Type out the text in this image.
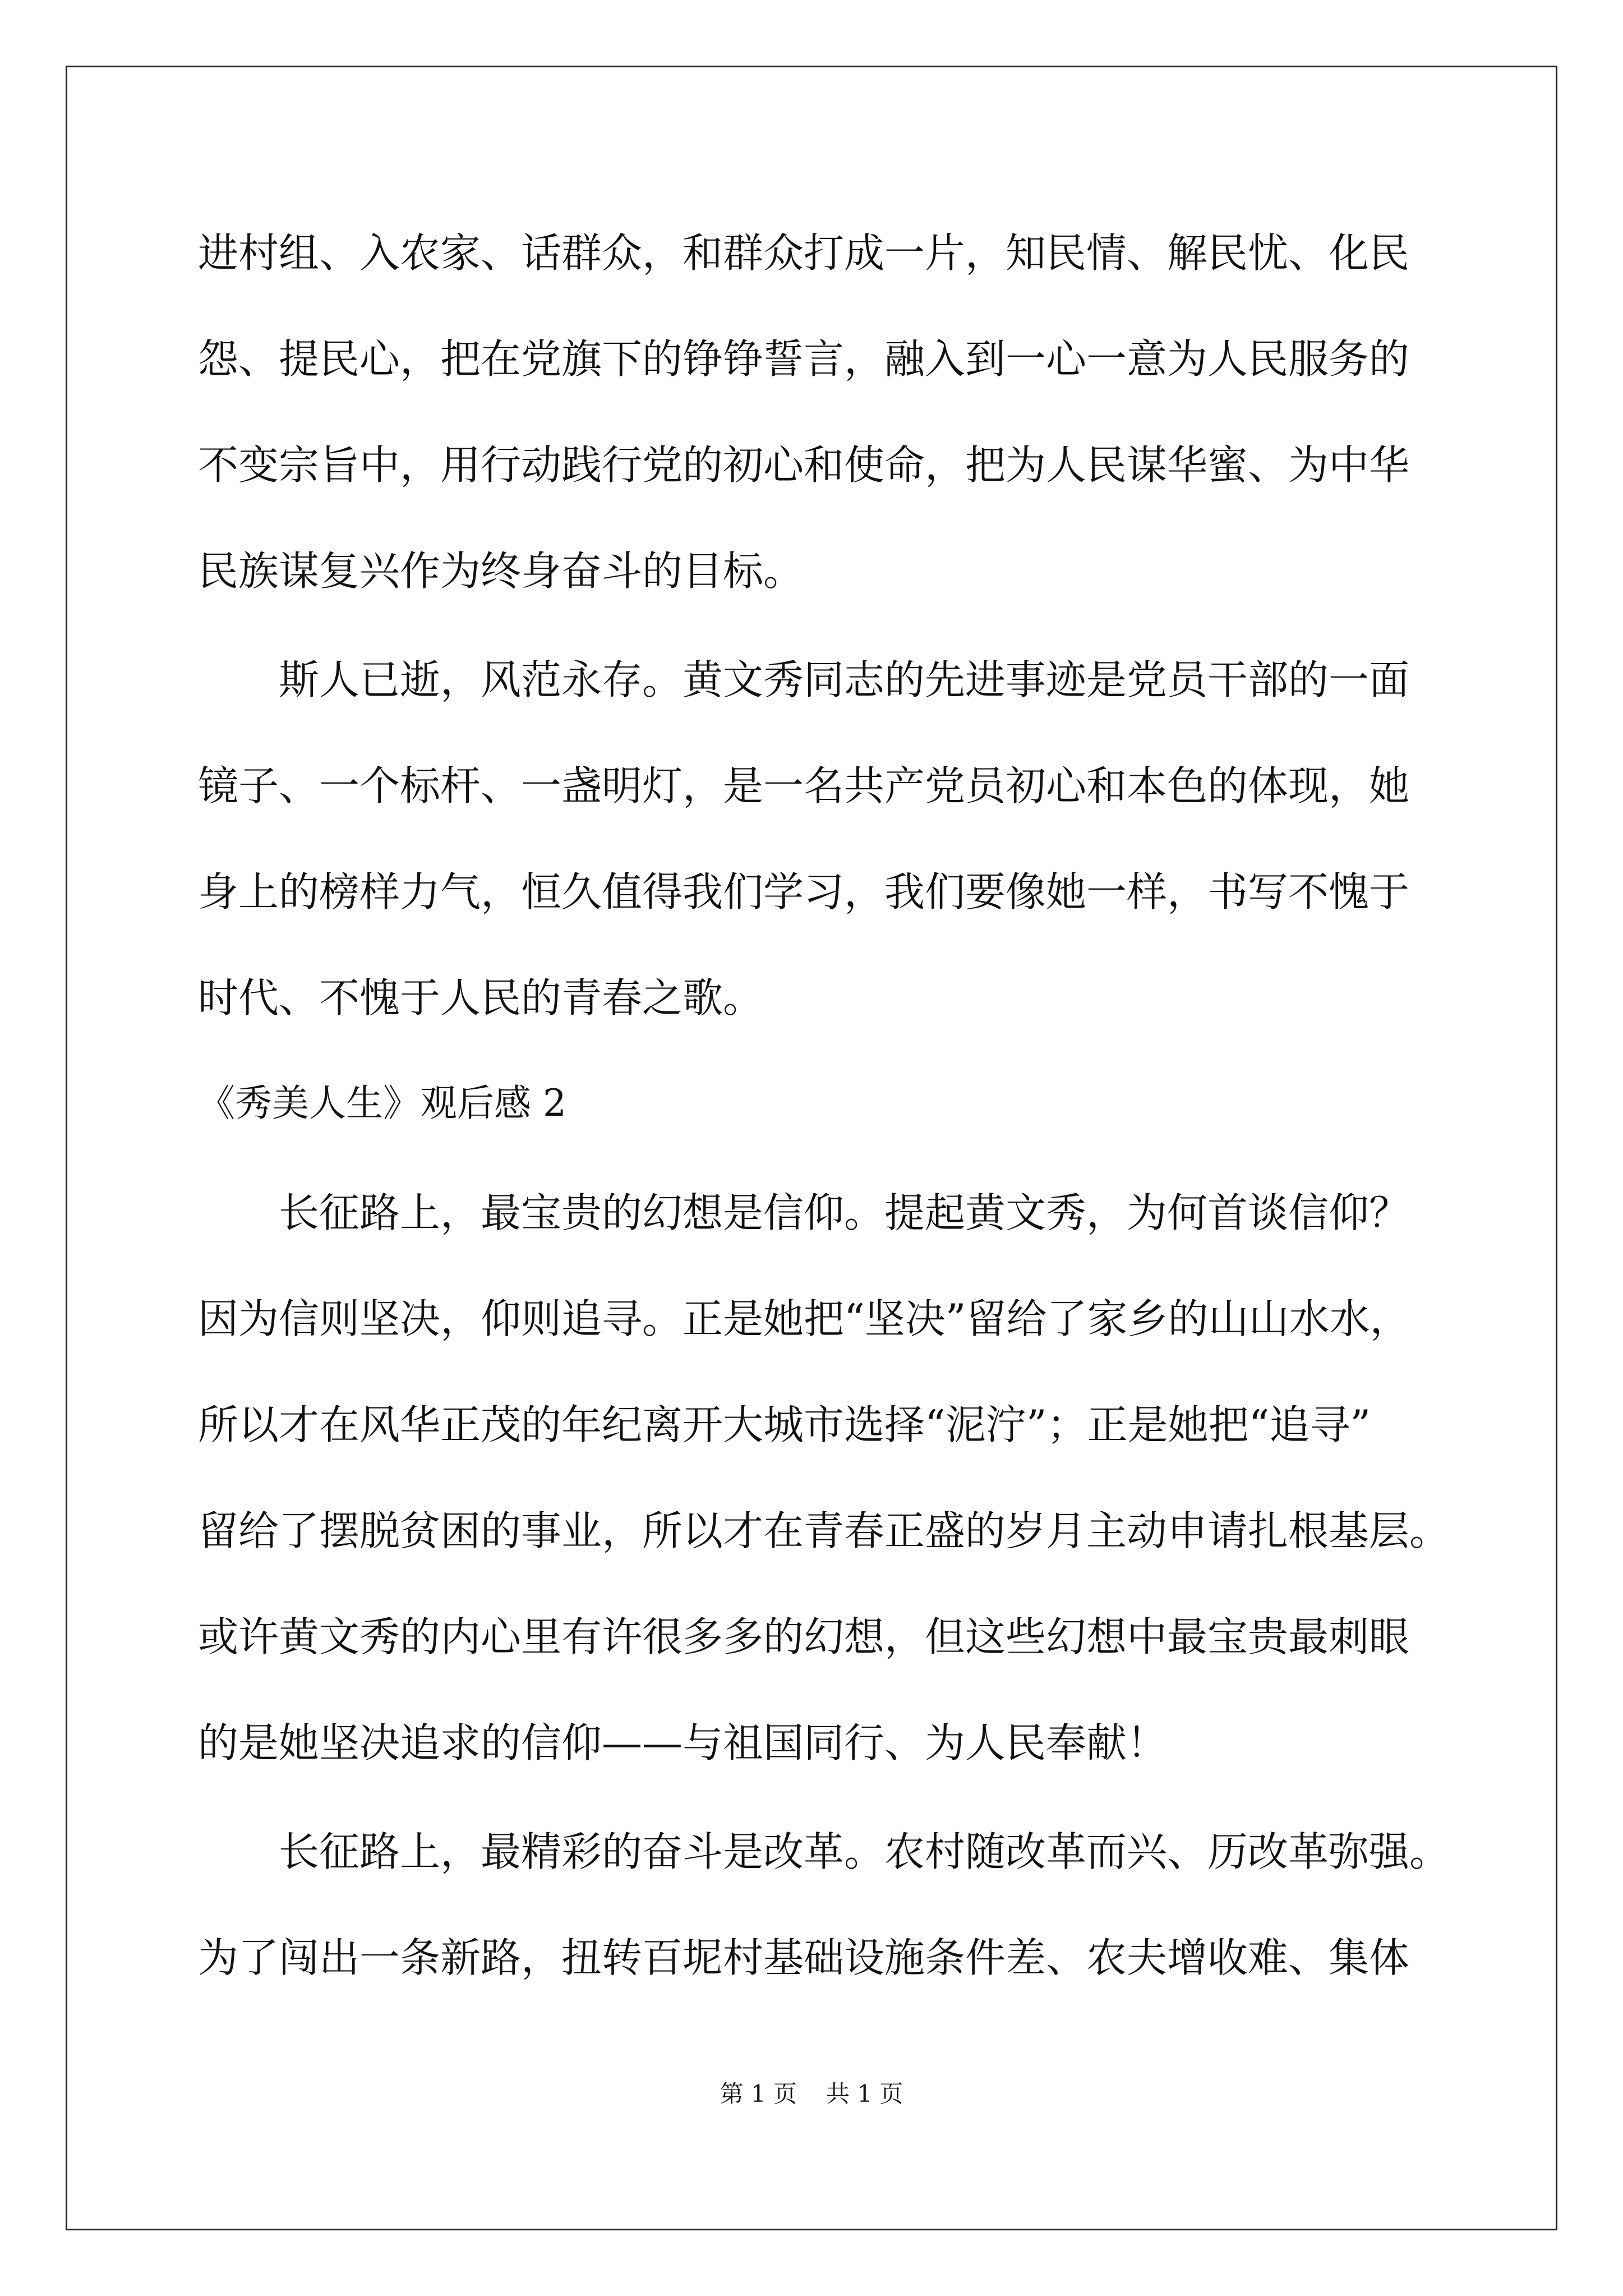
进村组、入农家、话群众，和群众打成一片，知民情、解民忧、化民
怨、提民心，把在党旗下的铮铮誓言，融入到一心一意为人民服务的
不变宗旨中，用行动践行党的初心和使命，把为人民谋华蜜、为中华
民族谋复兴作为终身奋斗的目标。
斯人已逝，风范永存。黄文秀同志的先进事迹是党员干部的一面
镜子、一个标杆、一盏明灯，是一名共产党员初心和本色的体现，她
身上的榜样力气，恒久值得我们学习，我们要像她一样，书写不愧于
时代、不愧于人民的青春之歌。
《秀美人生》观后感 2
长征路上，最宝贵的幻想是信仰。提起黄文秀，为何首谈信仰？
因为信则坚决，仰则追寻。正是她把“坚决”留给了家乡的山山水水，
所以才在风华正茂的年纪离开大城市选择“泥泞”；正是她把“追寻”
留给了摆脱贫困的事业，所以才在青春正盛的岁月主动申请扎根基层。
或许黄文秀的内心里有许很多多的幻想，但这些幻想中最宝贵最刺眼
的是她坚决追求的信仰——与祖国同行、为人民奉献！
长征路上，最精彩的奋斗是改革。农村随改革而兴、历改革弥强。
为了闯出一条新路，扭转百坭村基础设施条件差、农夫增收难、集体
第 1 页 共 1 页
